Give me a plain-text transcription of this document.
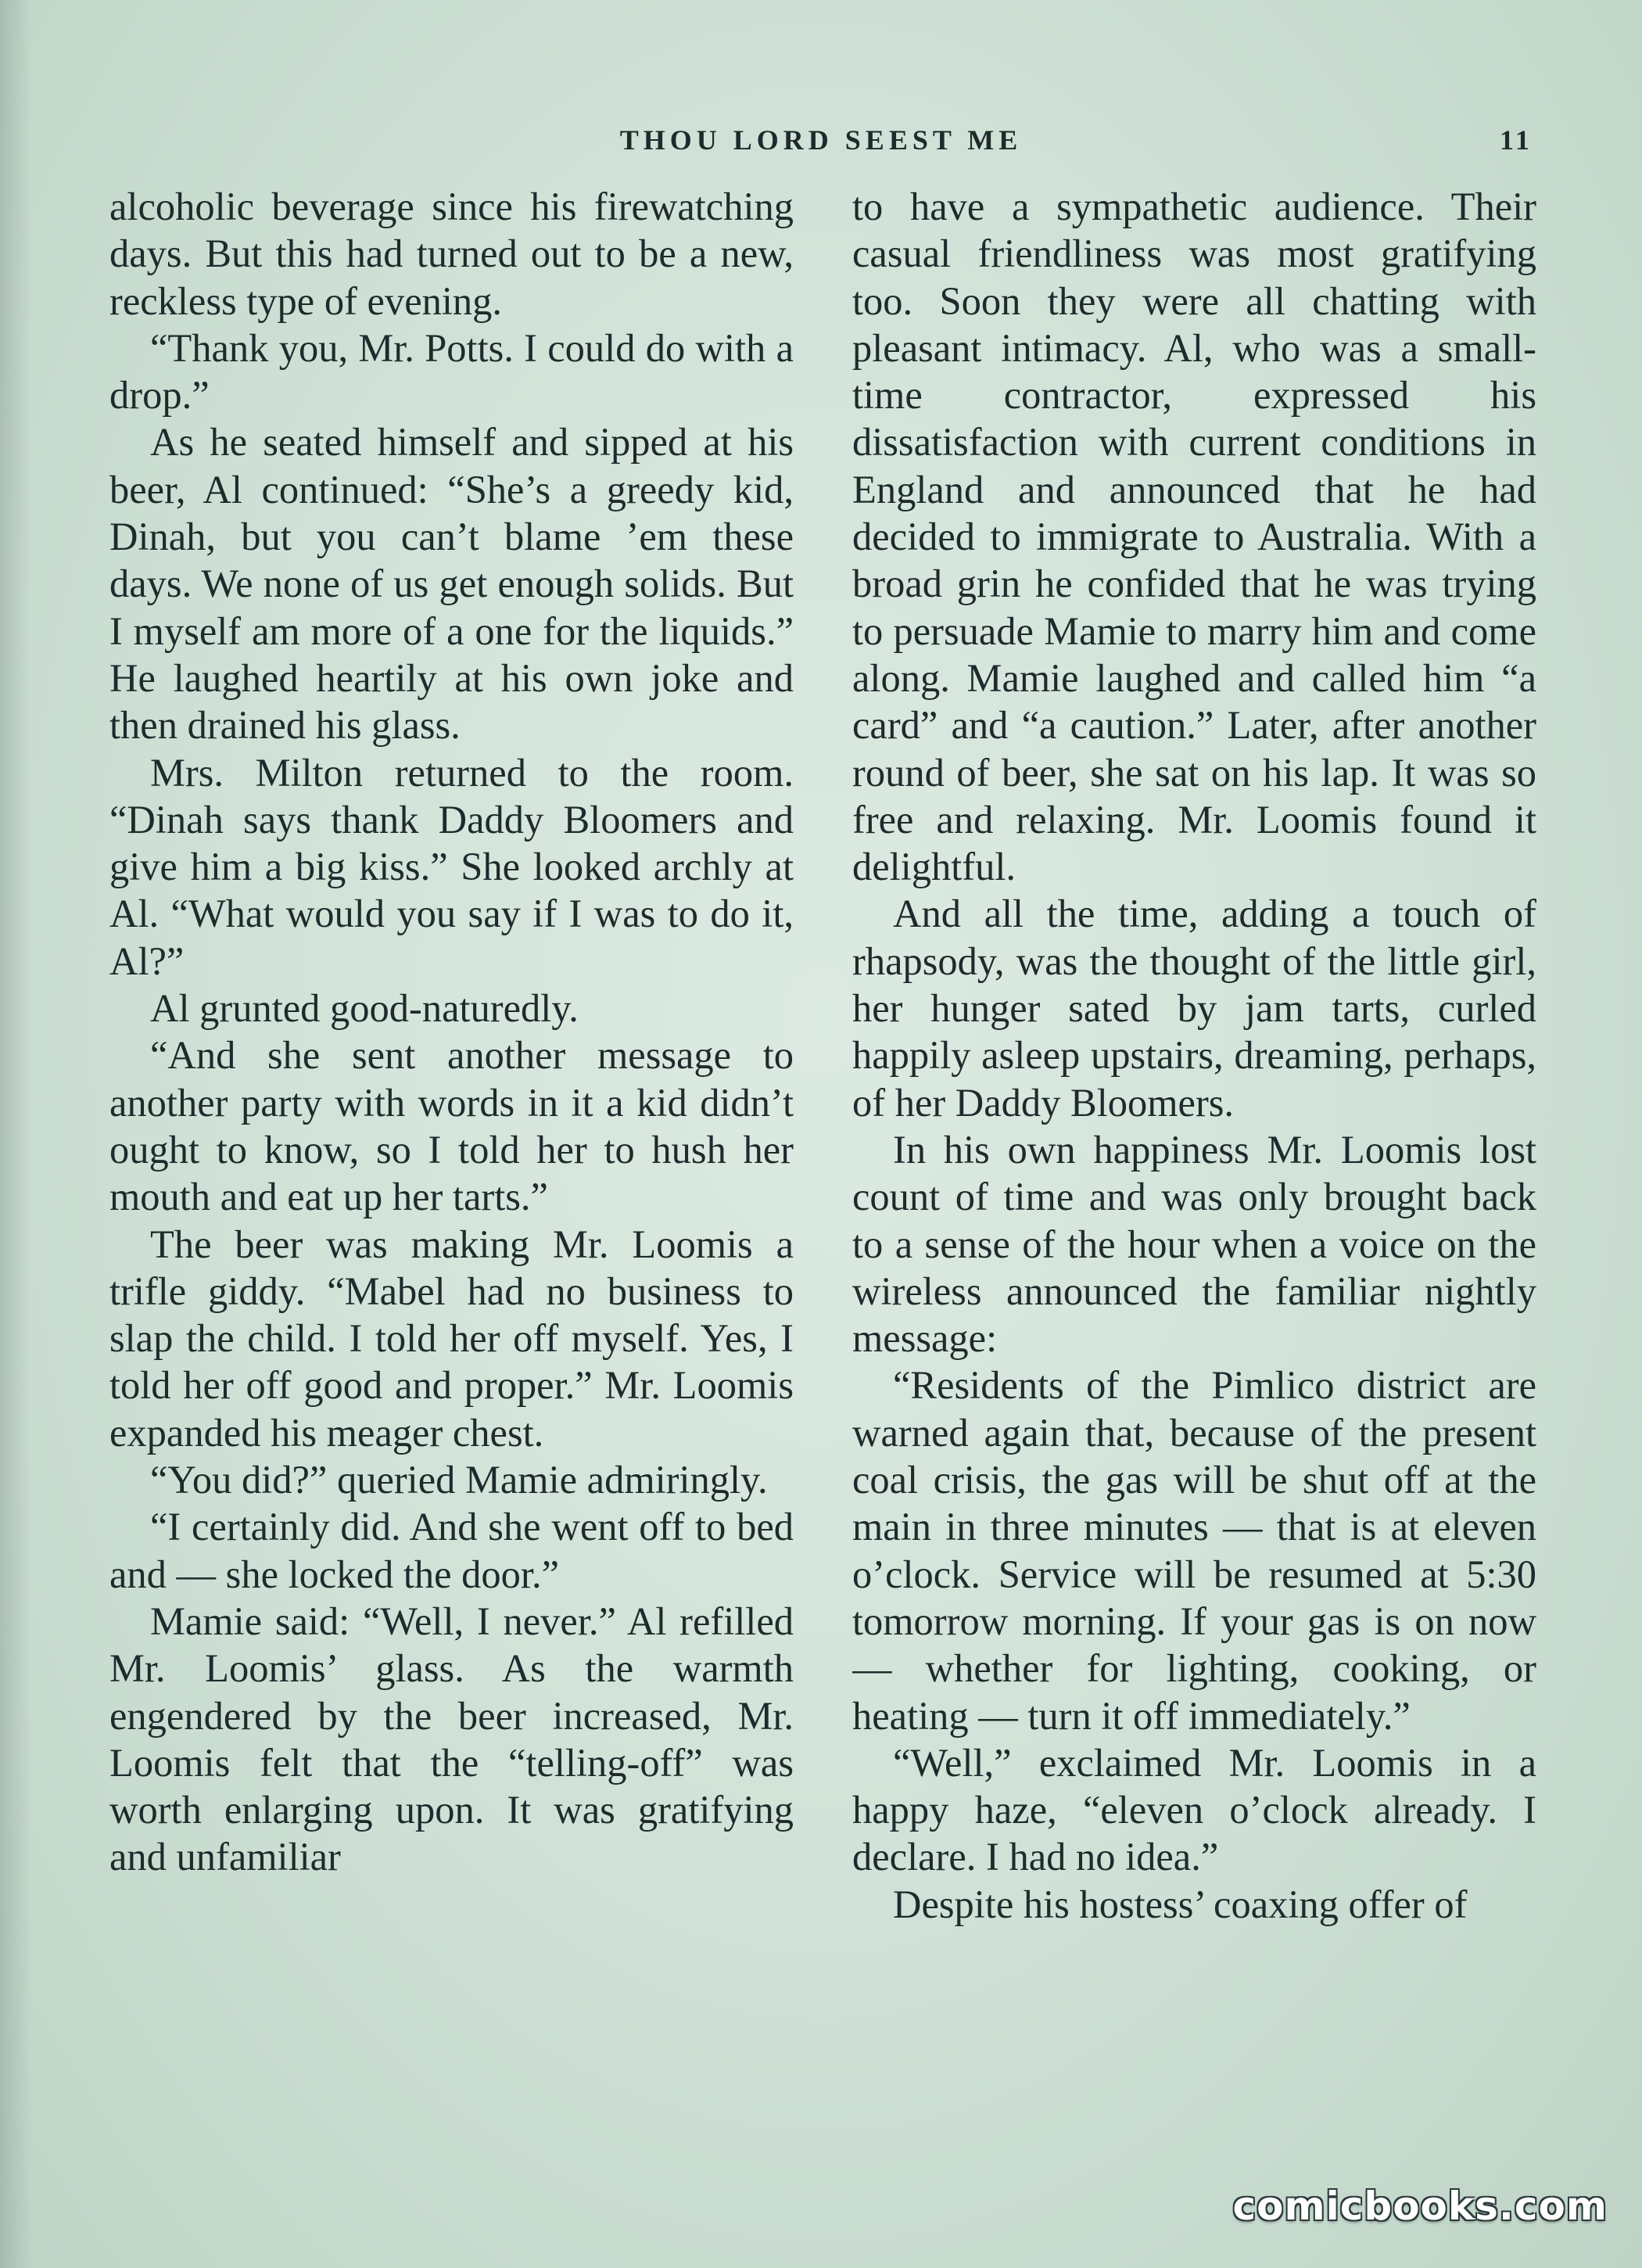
THOU LORD SEEST ME	11

alcoholic beverage since his firewatching days. But this had turned out to be a new, reckless type of evening.

“Thank you, Mr. Potts. I could do with a drop.”

As he seated himself and sipped at his beer, Al continued: “She’s a greedy kid, Dinah, but you can’t blame ’em these days. We none of us get enough solids. But I myself am more of a one for the liquids.” He laughed heartily at his own joke and then drained his glass.

Mrs. Milton returned to the room. “Dinah says thank Daddy Bloomers and give him a big kiss.” She looked archly at Al. “What would you say if I was to do it, Al?”

Al grunted good-naturedly.

“And she sent another message to another party with words in it a kid didn’t ought to know, so I told her to hush her mouth and eat up her tarts.”

The beer was making Mr. Loomis a trifle giddy. “Mabel had no business to slap the child. I told her off myself. Yes, I told her off good and proper.” Mr. Loomis expanded his meager chest.

“You did?” queried Mamie admiringly.

“I certainly did. And she went off to bed and — she locked the door.”

Mamie said: “Well, I never.” Al refilled Mr. Loomis’ glass. As the warmth engendered by the beer increased, Mr. Loomis felt that the “telling-off” was worth enlarging upon. It was gratifying and unfamiliar

to have a sympathetic audience. Their casual friendliness was most gratifying too. Soon they were all chatting with pleasant intimacy. Al, who was a small-time contractor, expressed his dissatisfaction with current conditions in England and announced that he had decided to immigrate to Australia. With a broad grin he confided that he was trying to persuade Mamie to marry him and come along. Mamie laughed and called him “a card” and “a caution.” Later, after another round of beer, she sat on his lap. It was so free and relaxing. Mr. Loomis found it delightful.

And all the time, adding a touch of rhapsody, was the thought of the little girl, her hunger sated by jam tarts, curled happily asleep upstairs, dreaming, perhaps, of her Daddy Bloomers.

In his own happiness Mr. Loomis lost count of time and was only brought back to a sense of the hour when a voice on the wireless announced the familiar nightly message:

“Residents of the Pimlico district are warned again that, because of the present coal crisis, the gas will be shut off at the main in three minutes — that is at eleven o’clock. Service will be resumed at 5:30 tomorrow morning. If your gas is on now — whether for lighting, cooking, or heating — turn it off immediately.”

“Well,” exclaimed Mr. Loomis in a happy haze, “eleven o’clock already. I declare. I had no idea.”

Despite his hostess’ coaxing offer of

comicbooks.com
